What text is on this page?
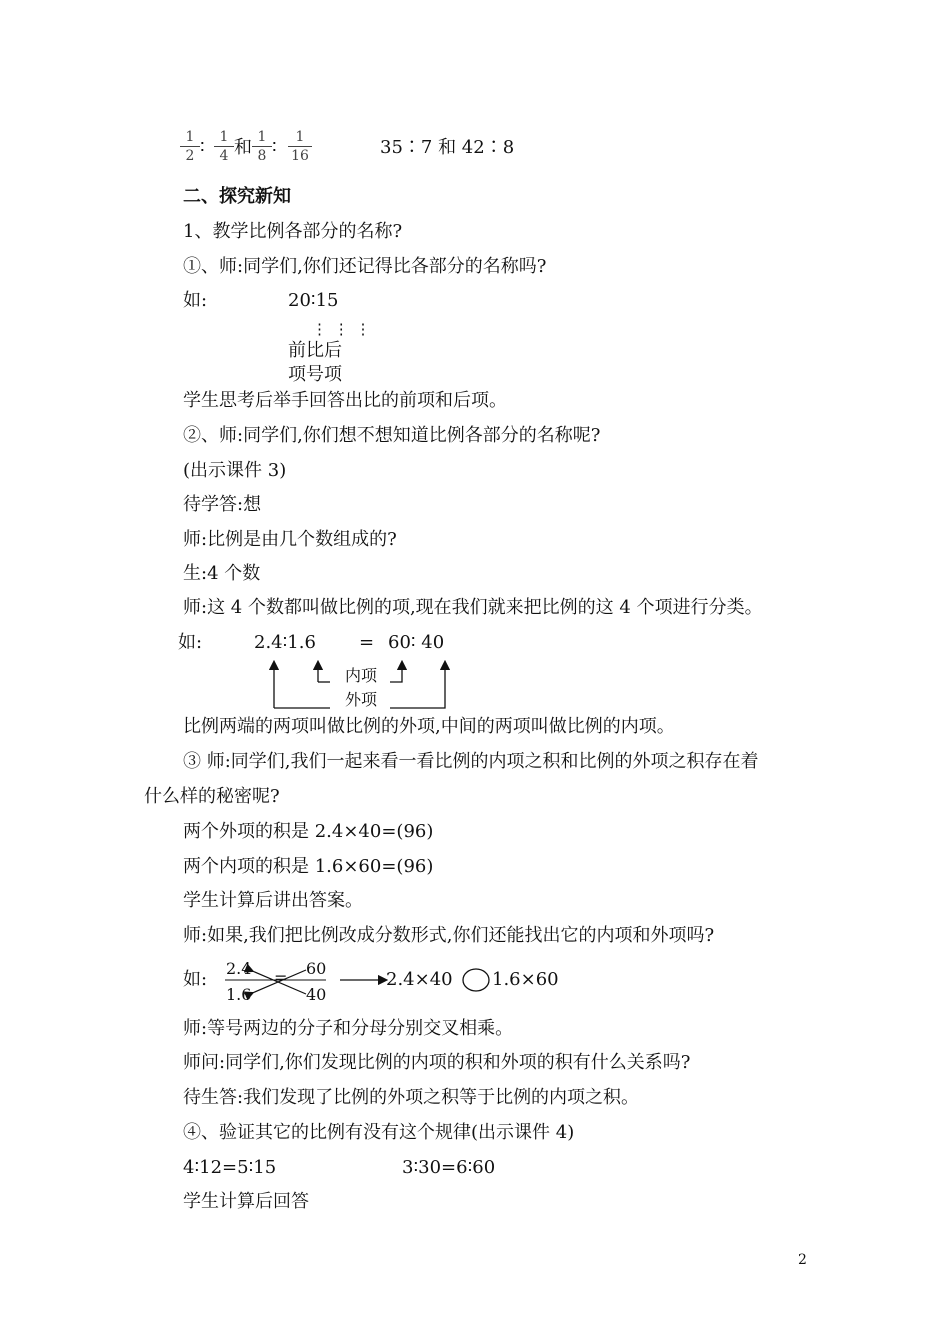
1
2 ∶	1
4 和 1
8 ∶	1
16	35∶7 和 42∶8
二、探究新知
1、教学比例各部分的名称?
①、师:同学们,你们还记得比各部分的名称吗?
如:	20∶15
⋮ ⋮ ⋮
前比后
项号项
学生思考后举手回答出比的前项和后项。
②、师:同学们,你们想不想知道比例各部分的名称呢?
(出示课件 3)
待学答:想
师:比例是由几个数组成的?
生:4 个数
师:这 4 个数都叫做比例的项,现在我们就来把比例的这 4 个项进行分类。
如:	2.4∶1.6 = 60∶ 40
内项
外项
比例两端的两项叫做比例的外项,中间的两项叫做比例的内项。
③ 师:同学们,我们一起来看一看比例的内项之积和比例的外项之积存在着
什么样的秘密呢?
两个外项的积是 2.4×40=(96)
两个内项的积是 1.6×60=(96)
学生计算后讲出答案。
师:如果,我们把比例改成分数形式,你们还能找出它的内项和外项吗?
如:
2.4
1.6
= 60
40
2.4×40 1.6×60
师:等号两边的分子和分母分别交叉相乘。
师问:同学们,你们发现比例的内项的积和外项的积有什么关系吗?
待生答:我们发现了比例的外项之积等于比例的内项之积。
④、验证其它的比例有没有这个规律(出示课件 4)
4∶12=5∶15	3∶30=6∶60
学生计算后回答
2
